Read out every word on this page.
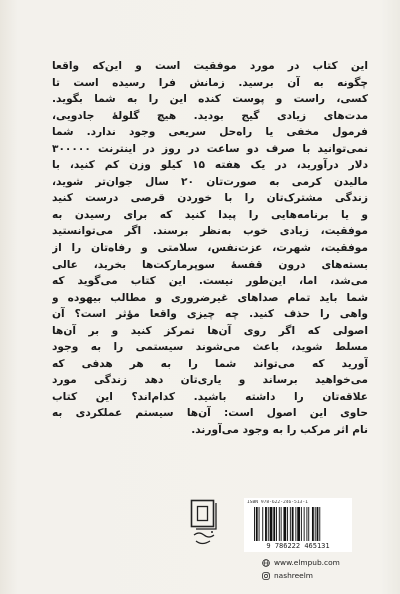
این کتاب در مورد موفقیت است و این‌که واقعا
چگونه به آن برسید. زمانش فرا رسیده است تا
کسی، راست و پوست کنده این را به شما بگوید.
مدت‌های زیادی گیج بودید. هیچ گلولهٔ جادویی،
فرمول مخفی یا راه‌حل سریعی وجود ندارد. شما
نمی‌توانید با صرف دو ساعت در روز در اینترنت ۳۰۰۰۰۰
دلار درآورید، در یک هفته ۱۵ کیلو وزن کم کنید، با
مالیدن کرمی به صورت‌تان ۲۰ سال جوان‌تر شوید،
زندگی مشترک‌تان را با خوردن قرصی درست کنید
و یا برنامه‌هایی را پیدا کنید که برای رسیدن به
موفقیت، زیادی خوب به‌نظر برسند. اگر می‌توانستید
موفقیت، شهرت، عزت‌نفس، سلامتی و رفاه‌تان را از
بسته‌های درون قفسهٔ سوپرمارکت‌ها بخرید، عالی
می‌شد، اما، این‌طور نیست. این کتاب می‌گوید که
شما باید تمام صداهای غیرضروری و مطالب بیهوده و
واهی را حذف کنید. چه چیزی واقعا مؤثر است؟ آن
اصولی که اگر روی آن‌ها تمرکز کنید و بر آن‌ها
مسلط شوید، باعث می‌شوند سیستمی را به وجود
آورید که می‌تواند شما را به هر هدفی که
می‌خواهید برساند و یاری‌تان دهد زندگی مورد
علاقه‌تان را داشته باشید. کدام‌اند؟ این کتاب
حاوی این اصول است: آن‌ها سیستم عملکردی به
نام اثر مرکب را به وجود می‌آورند.
ISBN 978-622-246-513-1
9 786222 465131
www.elmpub.com
nashreelm
